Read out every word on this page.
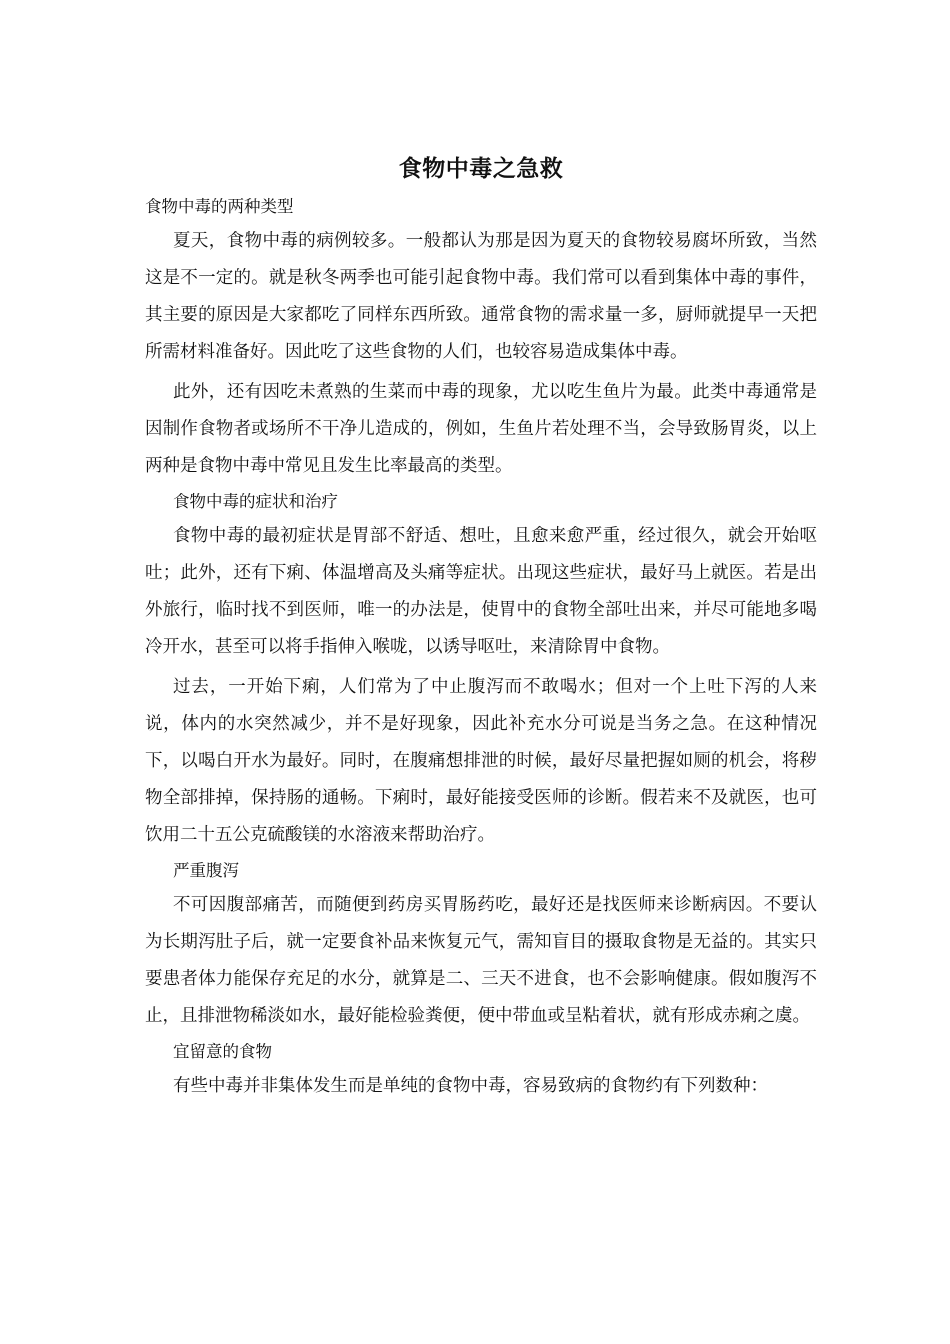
食物中毒之急救
食物中毒的两种类型

夏天，食物中毒的病例较多。一般都认为那是因为夏天的食物较易腐坏所致，当然这是不一定的。就是秋冬两季也可能引起食物中毒。我们常可以看到集体中毒的事件，其主要的原因是大家都吃了同样东西所致。通常食物的需求量一多，厨师就提早一天把所需材料准备好。因此吃了这些食物的人们，也较容易造成集体中毒。

此外，还有因吃未煮熟的生菜而中毒的现象，尤以吃生鱼片为最。此类中毒通常是因制作食物者或场所不干净儿造成的，例如，生鱼片若处理不当，会导致肠胃炎，以上两种是食物中毒中常见且发生比率最高的类型。

食物中毒的症状和治疗

食物中毒的最初症状是胃部不舒适、想吐，且愈来愈严重，经过很久，就会开始呕吐；此外，还有下痢、体温增高及头痛等症状。出现这些症状，最好马上就医。若是出外旅行，临时找不到医师，唯一的办法是，使胃中的食物全部吐出来，并尽可能地多喝冷开水，甚至可以将手指伸入喉咙，以诱导呕吐，来清除胃中食物。

过去，一开始下痢，人们常为了中止腹泻而不敢喝水；但对一个上吐下泻的人来说，体内的水突然减少，并不是好现象，因此补充水分可说是当务之急。在这种情况下，以喝白开水为最好。同时，在腹痛想排泄的时候，最好尽量把握如厕的机会，将秽物全部排掉，保持肠的通畅。下痢时，最好能接受医师的诊断。假若来不及就医，也可饮用二十五公克硫酸镁的水溶液来帮助治疗。

严重腹泻

不可因腹部痛苦，而随便到药房买胃肠药吃，最好还是找医师来诊断病因。不要认为长期泻肚子后，就一定要食补品来恢复元气，需知盲目的摄取食物是无益的。其实只要患者体力能保存充足的水分，就算是二、三天不进食，也不会影响健康。假如腹泻不止，且排泄物稀淡如水，最好能检验粪便，便中带血或呈粘着状，就有形成赤痢之虞。

宜留意的食物

有些中毒并非集体发生而是单纯的食物中毒，容易致病的食物约有下列数种：
